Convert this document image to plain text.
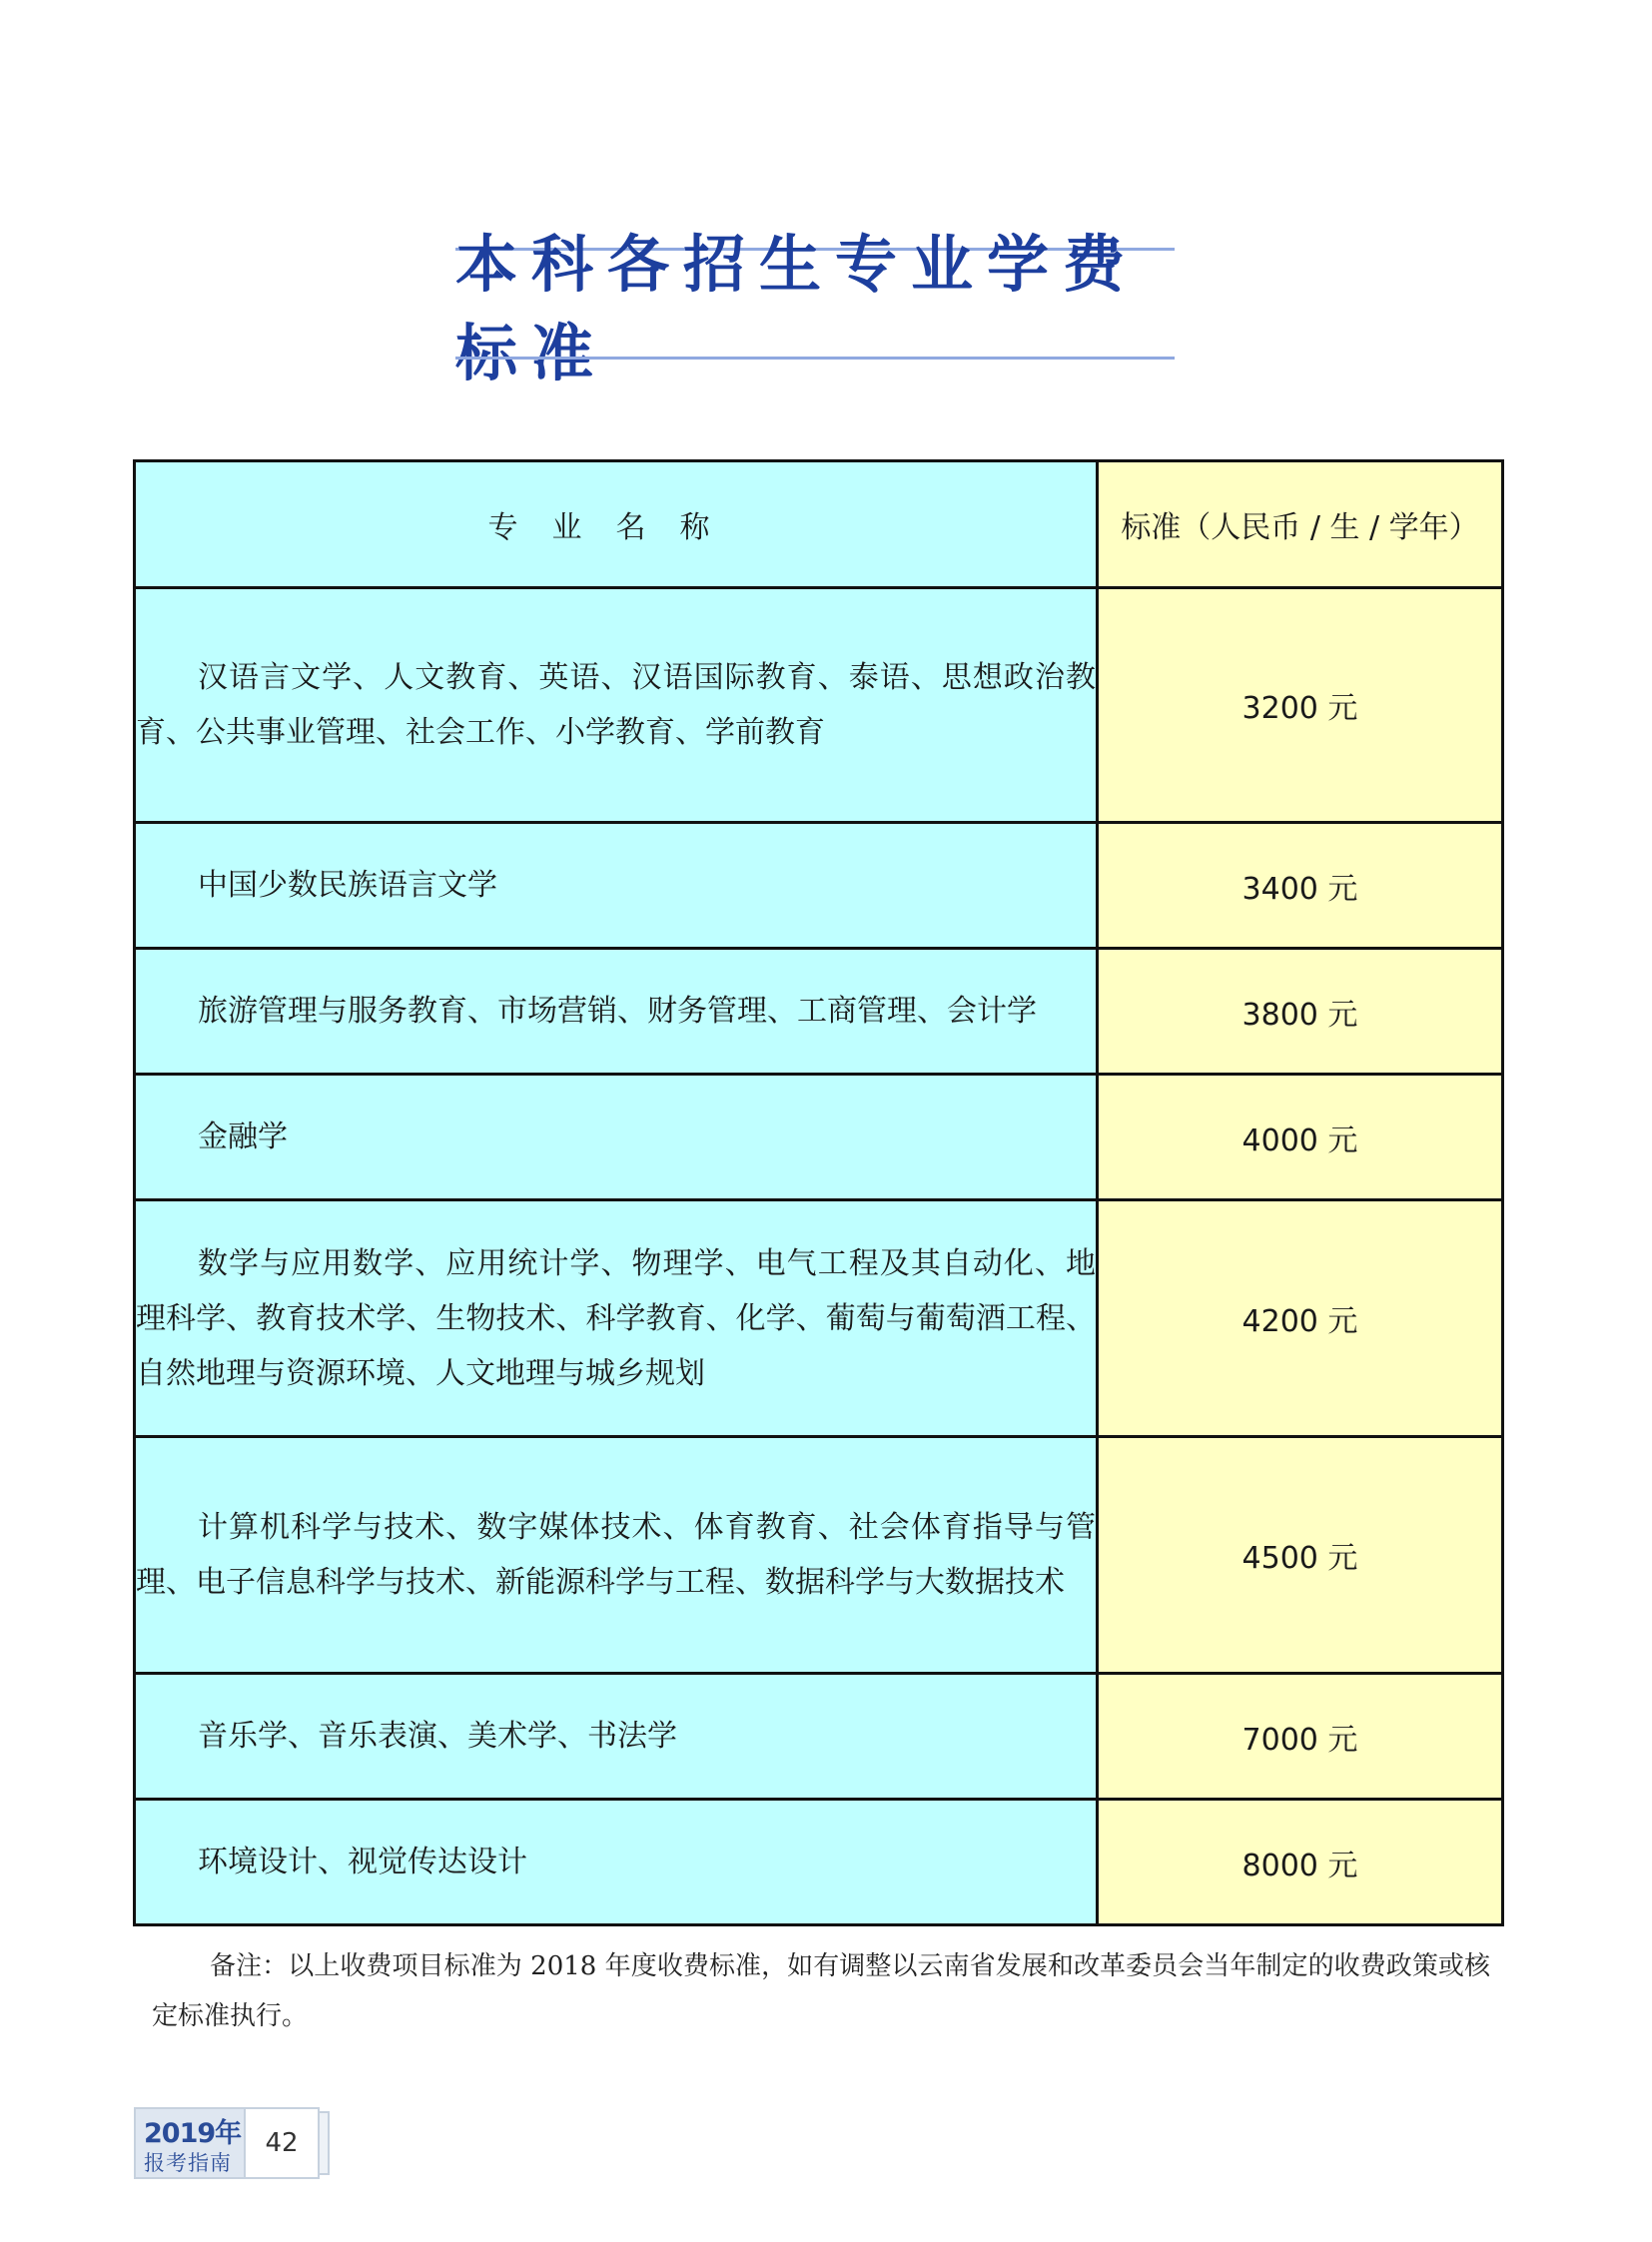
本科各招生专业学费标准
专业名称	标准（人民币 / 生 / 学年）

汉语言文学、人文教育、英语、汉语国际教育、泰语、思想政治教育、公共事业管理、社会工作、小学教育、学前教育	3200 元

中国少数民族语言文学	3400 元

旅游管理与服务教育、市场营销、财务管理、工商管理、会计学	3800 元

金融学	4000 元

数学与应用数学、应用统计学、物理学、电气工程及其自动化、地理科学、教育技术学、生物技术、科学教育、化学、葡萄与葡萄酒工程、自然地理与资源环境、人文地理与城乡规划	4200 元

计算机科学与技术、数字媒体技术、体育教育、社会体育指导与管理、电子信息科学与技术、新能源科学与工程、数据科学与大数据技术	4500 元

音乐学、音乐表演、美术学、书法学	7000 元

环境设计、视觉传达设计	8000 元
备注：以上收费项目标准为 2018 年度收费标准，如有调整以云南省发展和改革委员会当年制定的收费政策或核定标准执行。
2019年
报考指南
42
